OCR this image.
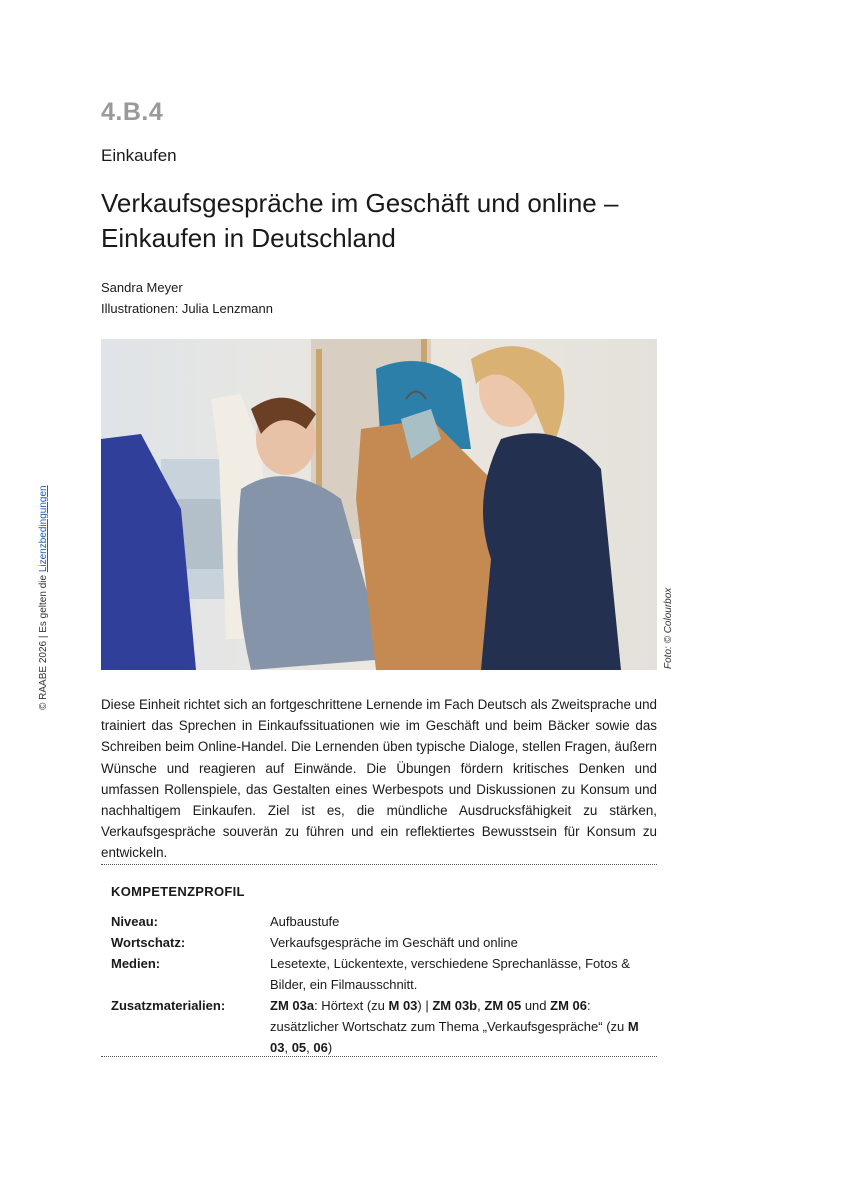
4.B.4
Einkaufen
Verkaufsgespräche im Geschäft und online – Einkaufen in Deutschland
Sandra Meyer
Illustrationen: Julia Lenzmann
Foto: © Colourbox
© RAABE 2026 | Es gelten die Lizenzbedingungen

Diese Einheit richtet sich an fortgeschrittene Lernende im Fach Deutsch als Zweitsprache und trainiert das Sprechen in Einkaufssituationen wie im Geschäft und beim Bäcker sowie das Schreiben beim Online-Handel. Die Lernenden üben typische Dialoge, stellen Fragen, äußern Wünsche und reagieren auf Einwände. Die Übungen fördern kritisches Denken und umfassen Rollenspiele, das Gestalten eines Werbespots und Diskussionen zu Konsum und nachhaltigem Einkaufen. Ziel ist es, die mündliche Ausdrucksfähigkeit zu stärken, Verkaufsgespräche souverän zu führen und ein reflektiertes Bewusstsein für Konsum zu entwickeln.

KOMPETENZPROFIL
Niveau:	Aufbaustufe
Wortschatz:	Verkaufsgespräche im Geschäft und online
Medien:	Lesetexte, Lückentexte, verschiedene Sprechanlässe, Fotos & Bilder, ein Filmausschnitt.
Zusatzmaterialien:	ZM 03a: Hörtext (zu M 03) | ZM 03b, ZM 05 und ZM 06: zusätzlicher Wortschatz zum Thema „Verkaufsgespräche“ (zu M 03, 05, 06)
